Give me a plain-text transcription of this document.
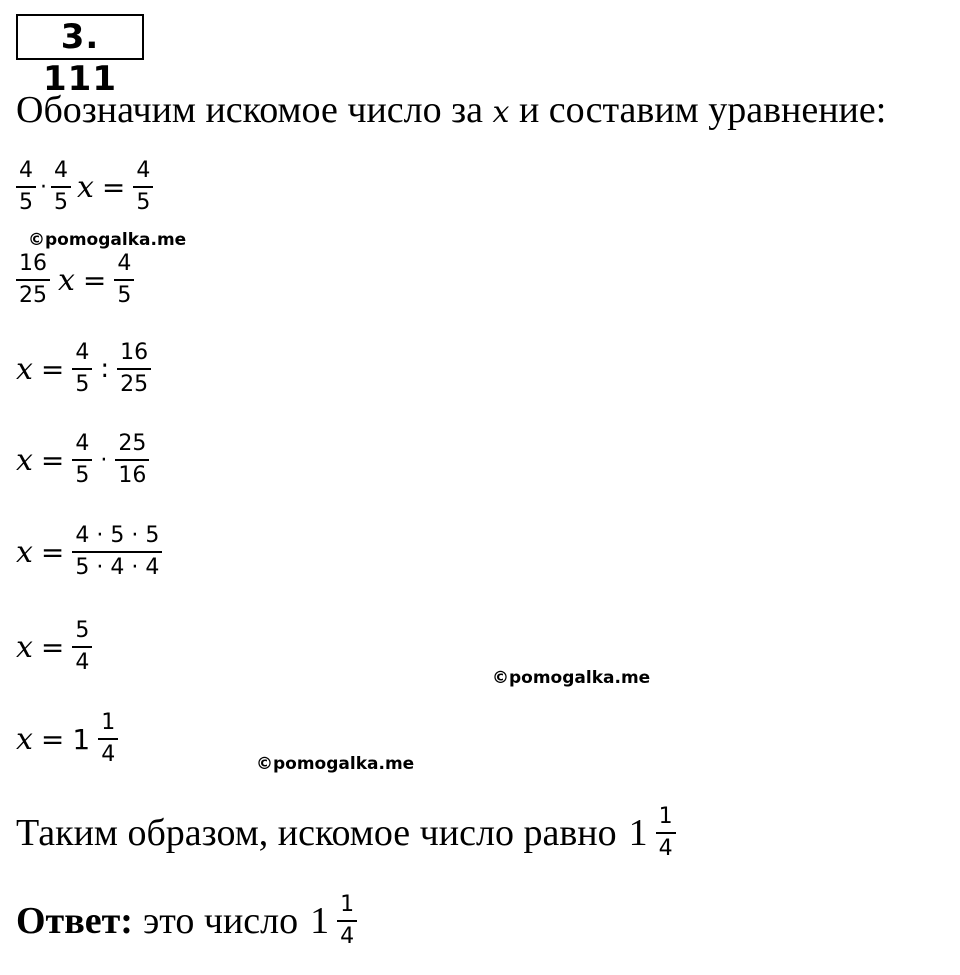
3. 111
Обозначим искомое число за x и составим уравнение:
$\frac{4}{5} \cdot \frac{4}{5}$ $x = \frac{4}{5}$
©pomogalka.me
$\frac{16}{25}$ $x = \frac{4}{5}$
$x = \frac{4}{5}$ : $\frac{16}{25}$
$x = \frac{4}{5} \cdot \frac{25}{16}$
$x = \frac{4 \cdot 5 \cdot 5}{5 \cdot 4 \cdot 4}$
$x = \frac{5}{4}$
©pomogalka.me
$x = 1 \frac{1}{4}$	©pomogalka.me
Таким образом, искомое число равно $1 \frac{1}{4}$
Ответ: это число $1 \frac{1}{4}$
